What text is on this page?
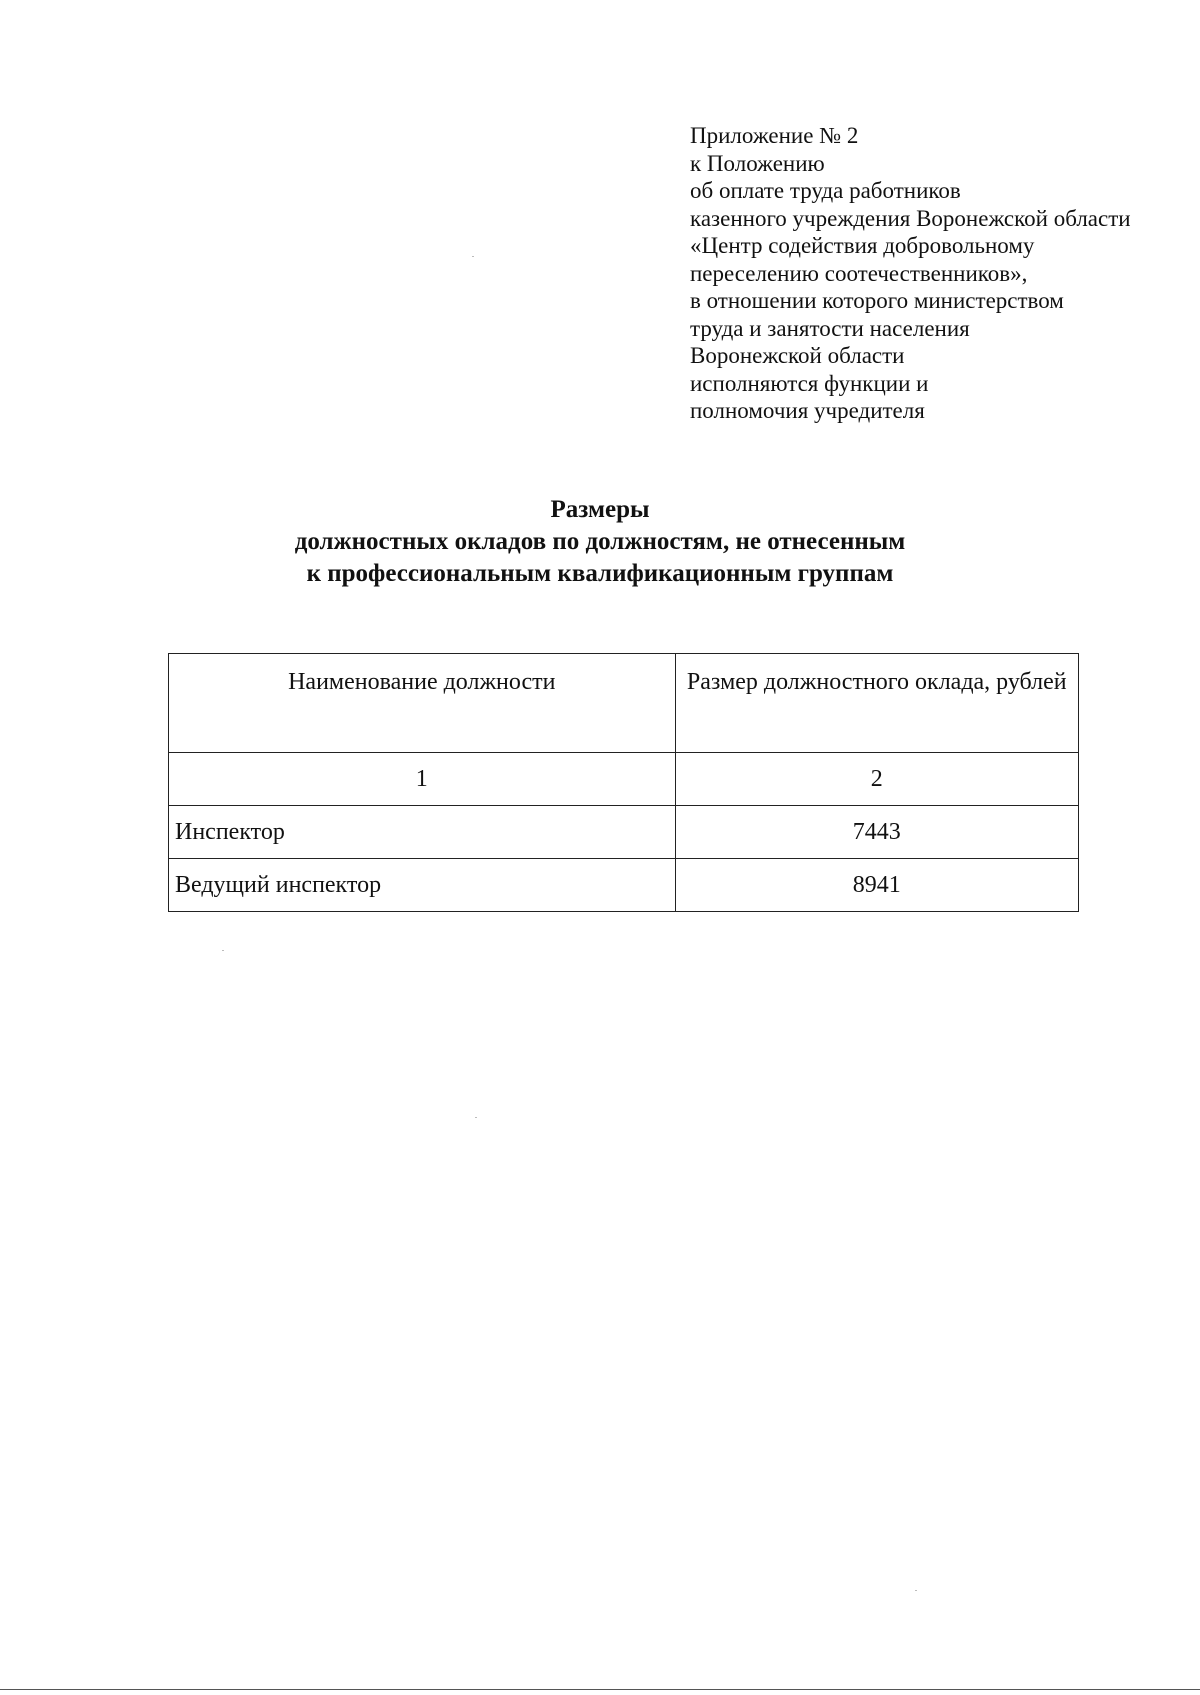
Приложение № 2
к Положению
об оплате труда работников
казенного учреждения Воронежской области
«Центр содействия добровольному
переселению соотечественников»,
в отношении которого министерством
труда и занятости населения
Воронежской области
исполняются функции и
полномочия учредителя
Размеры
должностных окладов по должностям, не отнесенным
к профессиональным квалификационным группам
Наименование должности	Размер должностного оклада, рублей
1	2
Инспектор	7443
Ведущий инспектор	8941
